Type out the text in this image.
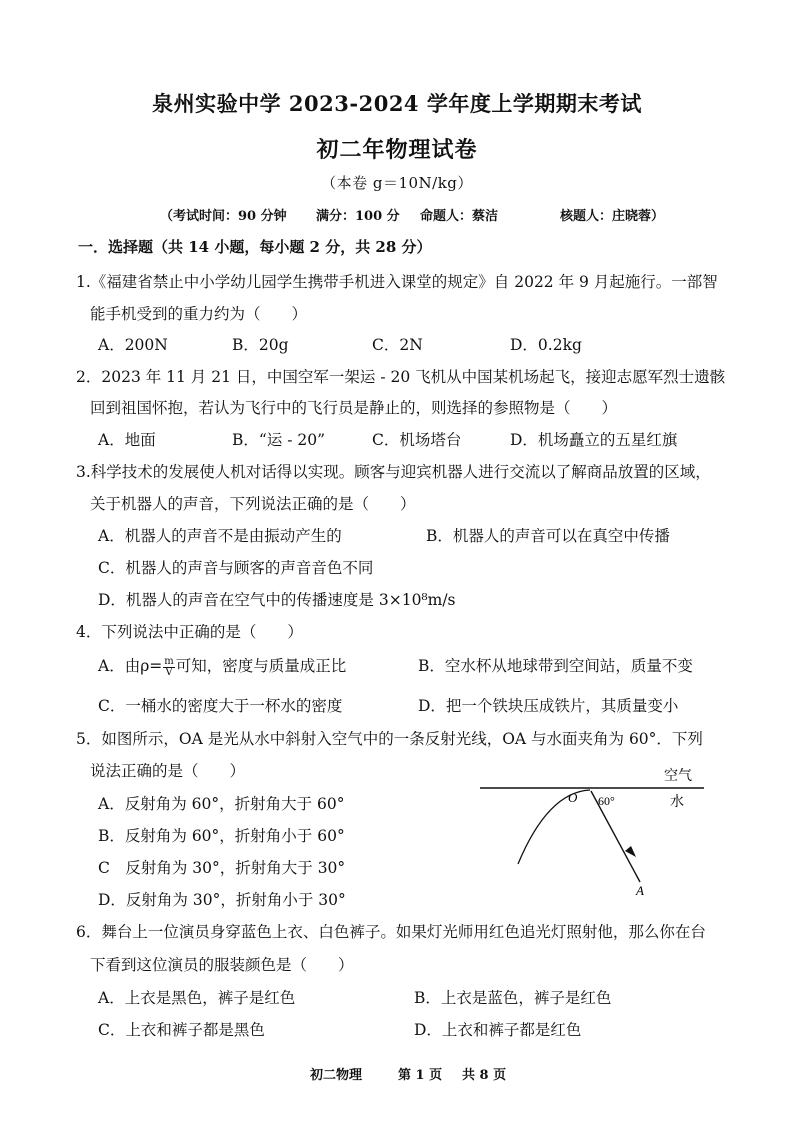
泉州实验中学 2023-2024 学年度上学期期末考试
初二年物理试卷
（本卷 g＝10N/kg）
（考试时间：90 分钟 满分：100 分 命题人：蔡洁	核题人：庄晓蓉）
一．选择题（共 14 小题，每小题 2 分，共 28 分）
1.《福建省禁止中小学幼儿园学生携带手机进入课堂的规定》自 2022 年 9 月起施行。一部智
能手机受到的重力约为（　　）
A．200N	B．20g	C．2N	D．0.2kg
2．2023 年 11 月 21 日，中国空军一架运 - 20 飞机从中国某机场起飞，接迎志愿军烈士遗骸
回到祖国怀抱，若认为飞行中的飞行员是静止的，则选择的参照物是（　　）
A．地面	B．“运 - 20”	C．机场塔台	D．机场矗立的五星红旗
3.科学技术的发展使人机对话得以实现。顾客与迎宾机器人进行交流以了解商品放置的区域，
关于机器人的声音，下列说法正确的是（　　）
A．机器人的声音不是由振动产生的	B．机器人的声音可以在真空中传播
C．机器人的声音与顾客的声音音色不同
D．机器人的声音在空气中的传播速度是 3×10⁸m/s
4．下列说法中正确的是（　　）
A．由$\rho= \frac{m}{V}$ 可知，密度与质量成正比	B．空水杯从地球带到空间站，质量不变
C．一桶水的密度大于一杯水的密度	D．把一个铁块压成铁片，其质量变小
5．如图所示，OA 是光从水中斜射入空气中的一条反射光线，OA 与水面夹角为 60°．下列
说法正确的是（　　）
A．反射角为 60°，折射角大于 60°
B．反射角为 60°，折射角小于 60°
C　反射角为 30°，折射角大于 30°
D．反射角为 30°，折射角小于 30°
空气
水
O 60°
A
6．舞台上一位演员身穿蓝色上衣、白色裤子。如果灯光师用红色追光灯照射他，那么你在台
下看到这位演员的服装颜色是（　　）
A．上衣是黑色，裤子是红色	B．上衣是蓝色，裤子是红色
C．上衣和裤子都是黑色	D．上衣和裤子都是红色
初二物理	第 1 页 共 8 页
